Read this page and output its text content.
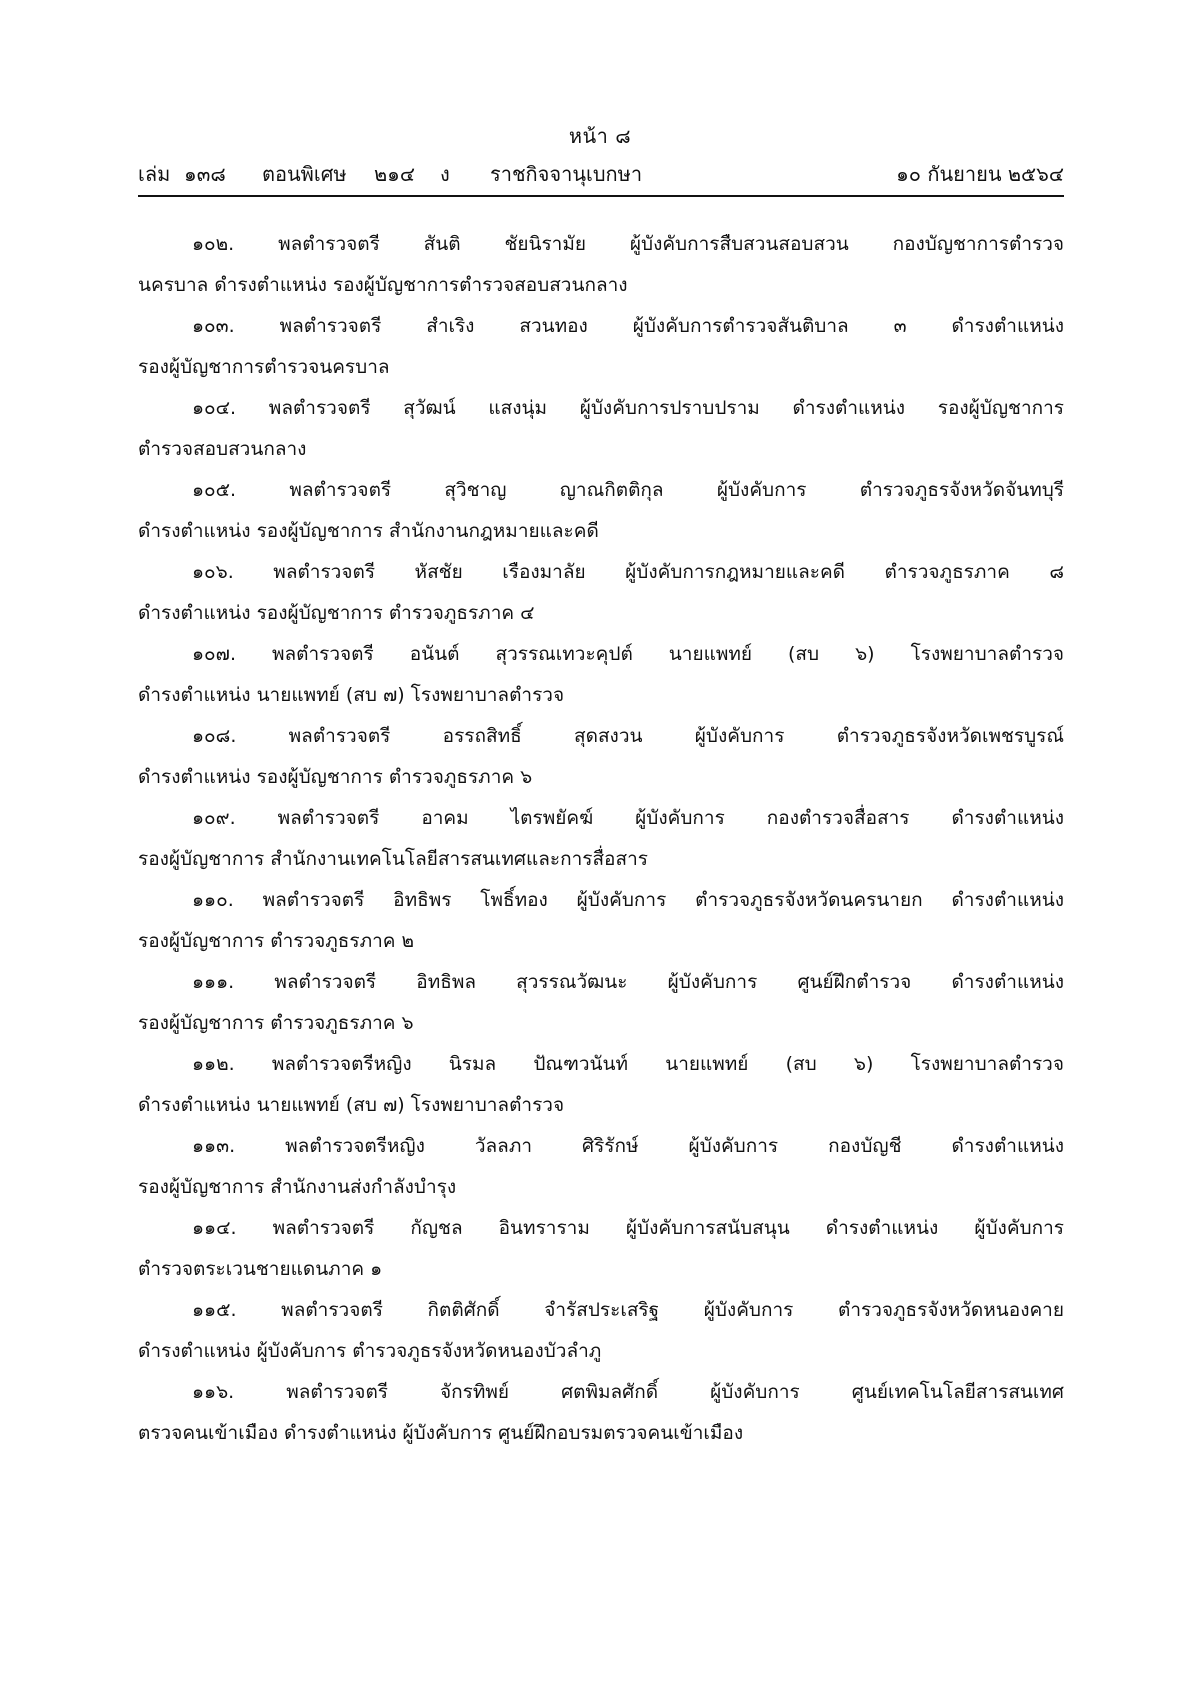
หน้า ๘
เล่ม ๑๓๘ ตอนพิเศษ ๒๑๔ ง ราชกิจจานุเบกษา	๑๐ กันยายน ๒๕๖๔

๑๐๒. พลตำรวจตรี สันติ ชัยนิรามัย ผู้บังคับการสืบสวนสอบสวน กองบัญชาการตำรวจ
นครบาล ดำรงตำแหน่ง รองผู้บัญชาการตำรวจสอบสวนกลาง

๑๐๓. พลตำรวจตรี สำเริง สวนทอง ผู้บังคับการตำรวจสันติบาล ๓ ดำรงตำแหน่ง
รองผู้บัญชาการตำรวจนครบาล

๑๐๔. พลตำรวจตรี สุวัฒน์ แสงนุ่ม ผู้บังคับการปราบปราม ดำรงตำแหน่ง รองผู้บัญชาการ
ตำรวจสอบสวนกลาง

๑๐๕. พลตำรวจตรี สุวิชาญ ญาณกิตติกุล ผู้บังคับการ ตำรวจภูธรจังหวัดจันทบุรี
ดำรงตำแหน่ง รองผู้บัญชาการ สำนักงานกฎหมายและคดี

๑๐๖. พลตำรวจตรี หัสชัย เรืองมาลัย ผู้บังคับการกฎหมายและคดี ตำรวจภูธรภาค ๘
ดำรงตำแหน่ง รองผู้บัญชาการ ตำรวจภูธรภาค ๔

๑๐๗. พลตำรวจตรี อนันต์ สุวรรณเทวะคุปต์ นายแพทย์ (สบ ๖) โรงพยาบาลตำรวจ
ดำรงตำแหน่ง นายแพทย์ (สบ ๗) โรงพยาบาลตำรวจ

๑๐๘. พลตำรวจตรี อรรถสิทธิ์ สุดสงวน ผู้บังคับการ ตำรวจภูธรจังหวัดเพชรบูรณ์
ดำรงตำแหน่ง รองผู้บัญชาการ ตำรวจภูธรภาค ๖

๑๐๙. พลตำรวจตรี อาคม ไตรพยัคฆ์ ผู้บังคับการ กองตำรวจสื่อสาร ดำรงตำแหน่ง
รองผู้บัญชาการ สำนักงานเทคโนโลยีสารสนเทศและการสื่อสาร

๑๑๐. พลตำรวจตรี อิทธิพร โพธิ์ทอง ผู้บังคับการ ตำรวจภูธรจังหวัดนครนายก ดำรงตำแหน่ง
รองผู้บัญชาการ ตำรวจภูธรภาค ๒

๑๑๑. พลตำรวจตรี อิทธิพล สุวรรณวัฒนะ ผู้บังคับการ ศูนย์ฝึกตำรวจ ดำรงตำแหน่ง
รองผู้บัญชาการ ตำรวจภูธรภาค ๖

๑๑๒. พลตำรวจตรีหญิง นิรมล ปัณฑวนันท์ นายแพทย์ (สบ ๖) โรงพยาบาลตำรวจ
ดำรงตำแหน่ง นายแพทย์ (สบ ๗) โรงพยาบาลตำรวจ

๑๑๓. พลตำรวจตรีหญิง วัลลภา ศิริรักษ์ ผู้บังคับการ กองบัญชี ดำรงตำแหน่ง
รองผู้บัญชาการ สำนักงานส่งกำลังบำรุง

๑๑๔. พลตำรวจตรี กัญชล อินทราราม ผู้บังคับการสนับสนุน ดำรงตำแหน่ง ผู้บังคับการ
ตำรวจตระเวนชายแดนภาค ๑

๑๑๕. พลตำรวจตรี กิตติศักดิ์ จำรัสประเสริฐ ผู้บังคับการ ตำรวจภูธรจังหวัดหนองคาย
ดำรงตำแหน่ง ผู้บังคับการ ตำรวจภูธรจังหวัดหนองบัวลำภู

๑๑๖. พลตำรวจตรี จักรทิพย์ ศตพิมลศักดิ์ ผู้บังคับการ ศูนย์เทคโนโลยีสารสนเทศ
ตรวจคนเข้าเมือง ดำรงตำแหน่ง ผู้บังคับการ ศูนย์ฝึกอบรมตรวจคนเข้าเมือง
